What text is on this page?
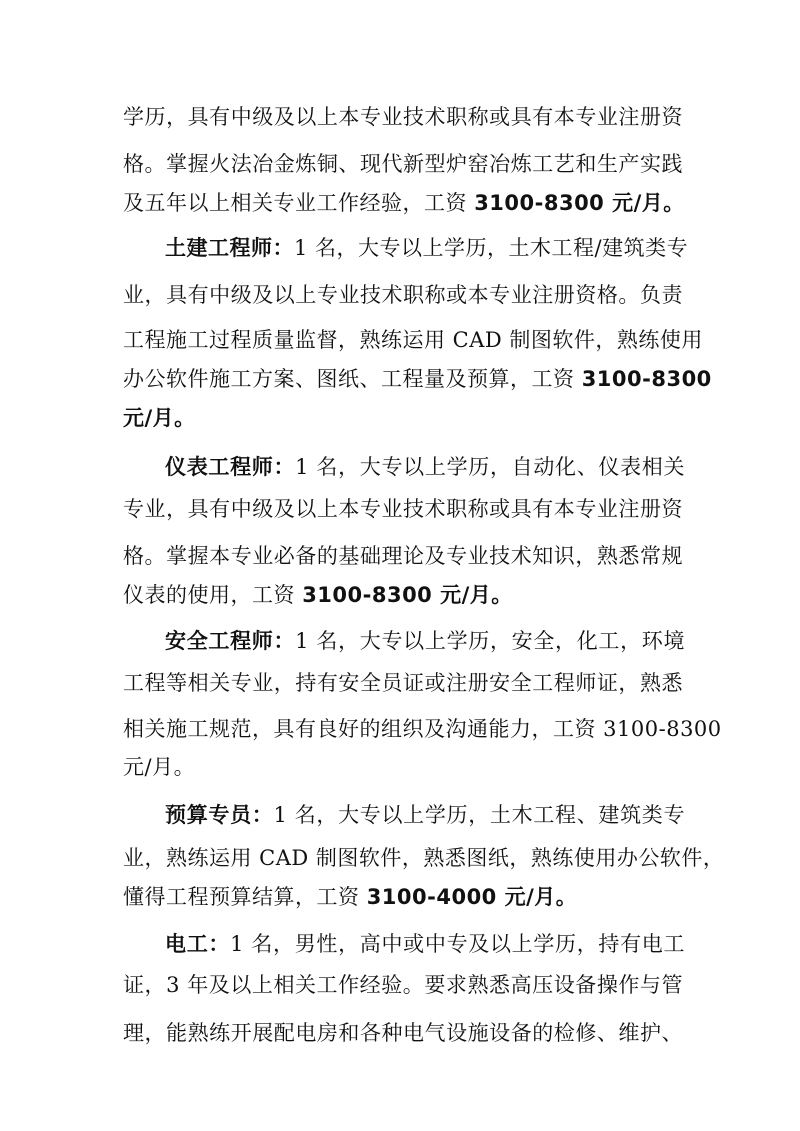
学历，具有中级及以上本专业技术职称或具有本专业注册资
格。掌握火法冶金炼铜、现代新型炉窑冶炼工艺和生产实践
及五年以上相关专业工作经验，工资 3100-8300 元/月。
土建工程师：1 名，大专以上学历，土木工程/建筑类专
业，具有中级及以上专业技术职称或本专业注册资格。负责
工程施工过程质量监督，熟练运用 CAD 制图软件，熟练使用
办公软件施工方案、图纸、工程量及预算，工资 3100-8300
元/月。
仪表工程师：1 名，大专以上学历，自动化、仪表相关
专业，具有中级及以上本专业技术职称或具有本专业注册资
格。掌握本专业必备的基础理论及专业技术知识，熟悉常规
仪表的使用，工资 3100-8300 元/月。
安全工程师：1 名，大专以上学历，安全，化工，环境
工程等相关专业，持有安全员证或注册安全工程师证，熟悉
相关施工规范，具有良好的组织及沟通能力，工资 3100-8300
元/月。
预算专员：1 名，大专以上学历，土木工程、建筑类专
业，熟练运用 CAD 制图软件，熟悉图纸，熟练使用办公软件，
懂得工程预算结算，工资 3100-4000 元/月。
电工：1 名，男性，高中或中专及以上学历，持有电工
证，3 年及以上相关工作经验。要求熟悉高压设备操作与管
理，能熟练开展配电房和各种电气设施设备的检修、维护、
